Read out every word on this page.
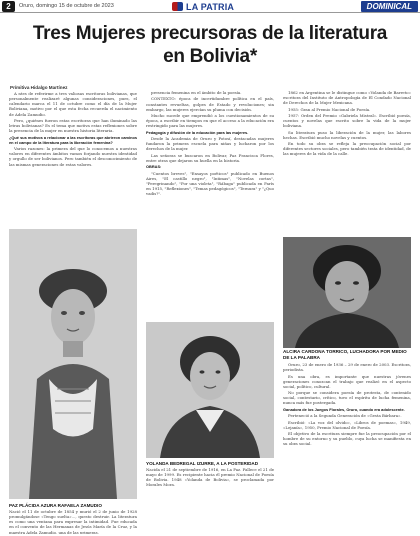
2	Oruro, domingo 15 de octubre de 2023	LA PATRIA	DOMINICAL
Tres Mujeres precursoras de la literatura en Bolivia*
Prímitiva Hidalgo Martínez

A ntes de referirme a tres valiosas escritoras bolivianas, que personalmente realizaré algunas consideraciones, pues, el calendario marca el 11 de octubre como el día de la Mujer Boliviana, motivo por el que esta fecha recuerda el nacimiento de Adela Zamudio.

Pero, ¿quiénes fueron estas escritoras que han iluminado las letras bolivianas? Es el tema que motiva estas reflexiones sobre la presencia de la mujer en nuestra historia literaria.

¿Qué sus motivos a relacionar a las escritoras que abrieron caminos en el campo de la literatura para la liberación femenina?

Varios razones: la primera del que lo conocemos a nuestras valores en diferentes ámbitos vamos forjando nuestra identidad y orgullo de ser bolivianos. Pero también el desconocimiento de las mismas generaciones de estas valores.

presencia femenina en el ámbito de la poesía.

CONTEXTO: época de incertidumbre política en el país, constantes revueltas, golpes de Estado y revoluciones; sin embargo, las mujeres ejercían su pluma con decisión.

Mucho sucede que emprendió a los cuestionamientos de su época, a escribir en tiempos en que el acceso a la educación era restringido para las mujeres.

Pedagogía y difusión de la educación para las mujeres.

Desde la Academia de Oruro y Potosí, destacadas mujeres fundaron la primera escuela para niñas y lucharon por los derechos de la mujer.

Las señoras se buscaron en Bolivar, Paz Francisca Flores, entre otras que dejaron su huella en la historia.

OBRAS:

"Cuentos breves", "Ensayos poéticos" publicado en Buenos Aires, "El castillo negro", "Intimas", "Novelas cortas", "Peregrinando", "Por una violeta", "Rábaga" publicada en París en 1915, "Reflexiones", "Temas pedagógicos", "Ternura" y "¿Quo vadis?".

1862 en Argentina se le distingue como «Volanda de Barreto» escritora del Instituto de Antropología de El Condado Nacional de Derechos de la Mujer Mexicana.

1955: Gran al Premio Nacional de Poesía.

1957: Orden del Premio «Gabriela Mistral». Escribió poesía, cuentos y novelas que escrito sobre la vida de la mujer boliviana.

Su literatura puso la liberación de la mujer, las labores hechas. Escribió mucho novelas y cuentos.

En todo su obra se refleja la preocupación social por diferentes sectores sociales, pero también trata de identidad, de las mujeres de la vida de la calle.

PAZ PLÁCIDA AZURA RAFAELA ZAMUDIO
Nació el 11 de octubre de 1854 y murió el 2 de junio de 1928 promulgándose «Tengo suelta»..., questo destruir. La literatura es como una ventana para expresar la intimidad. Fue educada en el convento de las Hermanas de Jesús María de la Cruz, y la maestra Adela Zamudio, una de las primeras.
YOLANDA BEDREGAL IZURRE, A LA POSTERIDAD
Nacida el 21 de septiembre de 1916, en La Paz. Fallece el 21 de mayo de 1999. Es recipiente hacia él premio Nacional de Poesía de Bolivia. 1948 «Yolanda de Bolivia», se proclamada por Morales Mora.
ALCIRA CARDONA TORRICO, LUCHADORA POR MEDIO DE LA PALABRA

Oruro, 23 de enero de 1936 – 29 de enero de 2003. Escritora, periodista.

Es una obra, es importante que nuestras jóvenes generaciones conozcan el trabajo que realizó en el aspecto social, político, cultural.

No porque se considera poesía de protesta, de contenido social, contestario, crítico, tuvo el espíritu de lucha femenina, nunca más fue postergada.

Ganadora de los Juegos Florales, Oruro, cuando era adolescente.

Perteneció a la Segunda Generación de «Gesta Bárbara».

Escribió: «La voz del olvido», «Libros de poemas», 1949, «Lejanía», 1950, Premio Nacional de Poesía.

El objetivo de la escritura siempre fue la preocupación por el hombre de su entorno y su pueblo, cuya lucha se manifiesta en su obra social.
